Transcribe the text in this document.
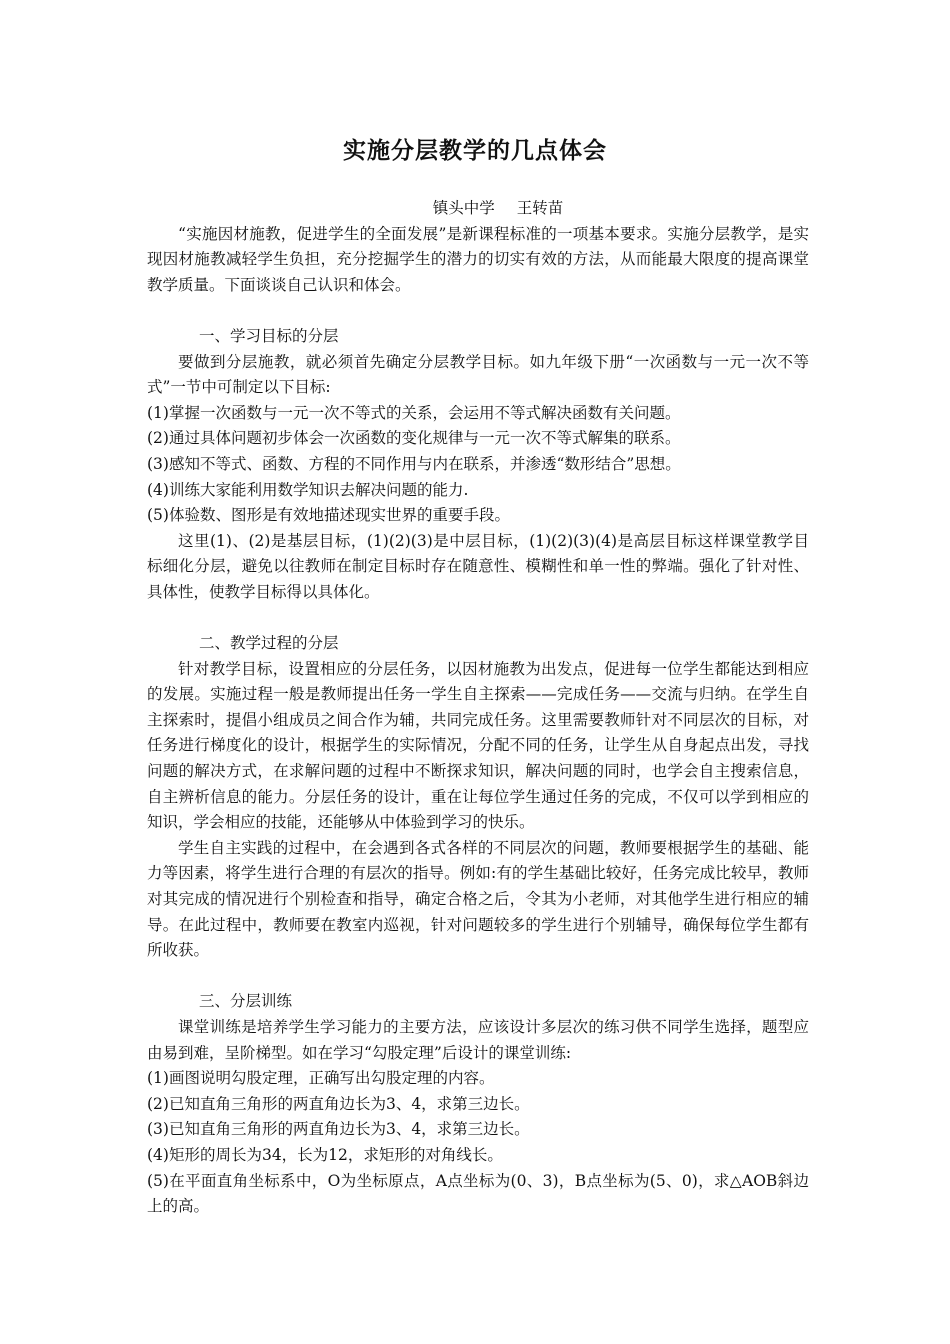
实施分层教学的几点体会

镇头中学 王转苗

“实施因材施教，促进学生的全面发展”是新课程标准的一项基本要求。实施分层教学，是实现因材施教减轻学生负担，充分挖掘学生的潜力的切实有效的方法，从而能最大限度的提高课堂教学质量。下面谈谈自己认识和体会。

一、学习目标的分层

要做到分层施教，就必须首先确定分层教学目标。如九年级下册“一次函数与一元一次不等式”一节中可制定以下目标:

(1)掌握一次函数与一元一次不等式的关系，会运用不等式解决函数有关问题。

(2)通过具体问题初步体会一次函数的变化规律与一元一次不等式解集的联系。

(3)感知不等式、函数、方程的不同作用与内在联系，并渗透“数形结合”思想。

(4)训练大家能利用数学知识去解决问题的能力.

(5)体验数、图形是有效地描述现实世界的重要手段。

这里(1)、(2)是基层目标，(1)(2)(3)是中层目标，(1)(2)(3)(4)是高层目标这样课堂教学目标细化分层，避免以往教师在制定目标时存在随意性、模糊性和单一性的弊端。强化了针对性、具体性，使教学目标得以具体化。

二、教学过程的分层

针对教学目标，设置相应的分层任务，以因材施教为出发点，促进每一位学生都能达到相应的发展。实施过程一般是教师提出任务一学生自主探索——完成任务——交流与归纳。在学生自主探索时，提倡小组成员之间合作为辅，共同完成任务。这里需要教师针对不同层次的目标，对任务进行梯度化的设计，根据学生的实际情况，分配不同的任务，让学生从自身起点出发，寻找问题的解决方式，在求解问题的过程中不断探求知识，解决问题的同时，也学会自主搜索信息，自主辨析信息的能力。分层任务的设计，重在让每位学生通过任务的完成，不仅可以学到相应的知识，学会相应的技能，还能够从中体验到学习的快乐。

学生自主实践的过程中，在会遇到各式各样的不同层次的问题，教师要根据学生的基础、能力等因素，将学生进行合理的有层次的指导。例如:有的学生基础比较好，任务完成比较早，教师对其完成的情况进行个别检查和指导，确定合格之后，令其为小老师，对其他学生进行相应的辅导。在此过程中，教师要在教室内巡视，针对问题较多的学生进行个别辅导，确保每位学生都有所收获。

三、分层训练

课堂训练是培养学生学习能力的主要方法，应该设计多层次的练习供不同学生选择，题型应由易到难，呈阶梯型。如在学习“勾股定理”后设计的课堂训练:

(1)画图说明勾股定理，正确写出勾股定理的内容。

(2)已知直角三角形的两直角边长为3、4，求第三边长。

(3)已知直角三角形的两直角边长为3、4，求第三边长。

(4)矩形的周长为34，长为12，求矩形的对角线长。

(5)在平面直角坐标系中，O为坐标原点，A点坐标为(0、3)，B点坐标为(5、0)，求△AOB斜边上的高。
